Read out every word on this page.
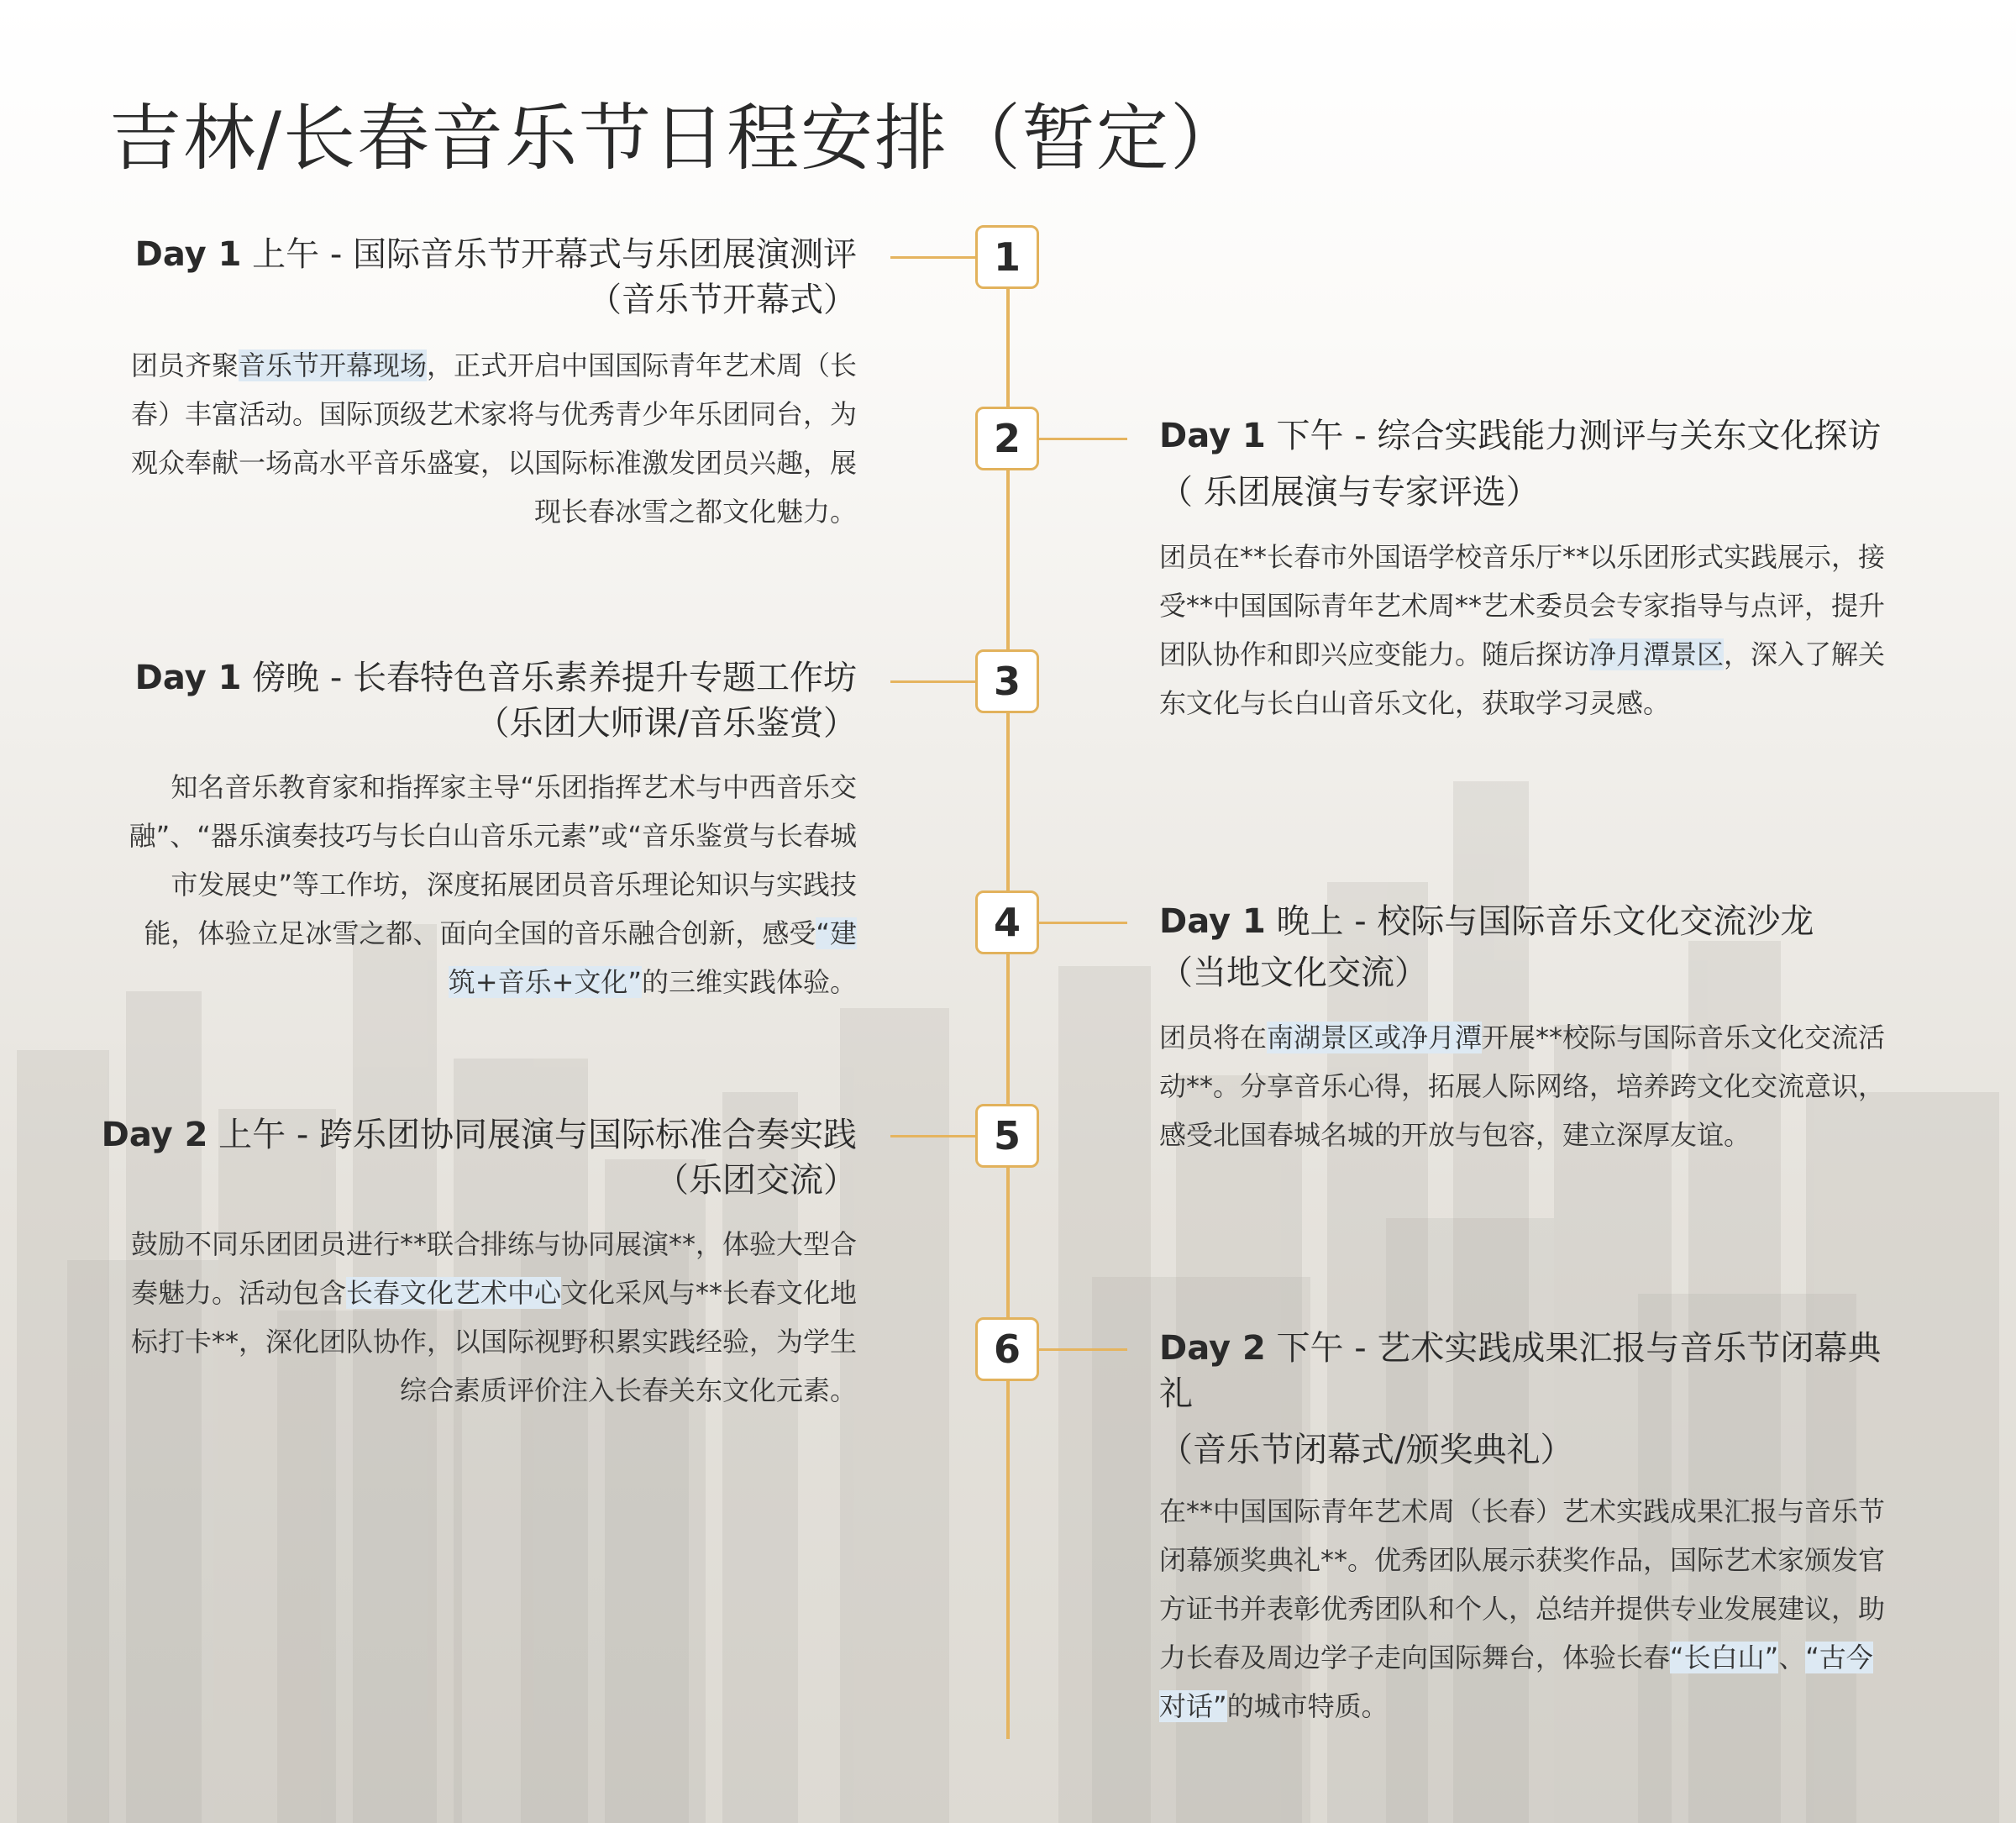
吉林/长春音乐节日程安排（暂定）
1
2
3
4
5
6
Day 1 上午 - 国际音乐节开幕式与乐团展演测评（音乐节开幕式）
团员齐聚音乐节开幕现场，正式开启中国国际青年艺术周（长春）丰富活动。国际顶级艺术家将与优秀青少年乐团同台，为观众奉献一场高水平音乐盛宴，以国际标准激发团员兴趣，展现长春冰雪之都文化魅力。
Day 1 下午 - 综合实践能力测评与关东文化探访
（ 乐团展演与专家评选）
团员在**长春市外国语学校音乐厅**以乐团形式实践展示，接受**中国国际青年艺术周**艺术委员会专家指导与点评，提升团队协作和即兴应变能力。随后探访净月潭景区，深入了解关东文化与长白山音乐文化，获取学习灵感。
Day 1 傍晚 - 长春特色音乐素养提升专题工作坊（乐团大师课/音乐鉴赏）
知名音乐教育家和指挥家主导“乐团指挥艺术与中西音乐交融”、“器乐演奏技巧与长白山音乐元素”或“音乐鉴赏与长春城市发展史”等工作坊，深度拓展团员音乐理论知识与实践技能，体验立足冰雪之都、面向全国的音乐融合创新，感受“建筑+音乐+文化”的三维实践体验。
Day 1 晚上 - 校际与国际音乐文化交流沙龙
（当地文化交流）
团员将在南湖景区或净月潭开展**校际与国际音乐文化交流活动**。分享音乐心得，拓展人际网络，培养跨文化交流意识，感受北国春城名城的开放与包容，建立深厚友谊。
Day 2 上午 - 跨乐团协同展演与国际标准合奏实践（乐团交流）
鼓励不同乐团团员进行**联合排练与协同展演**，体验大型合奏魅力。活动包含长春文化艺术中心文化采风与**长春文化地标打卡**，深化团队协作，以国际视野积累实践经验，为学生综合素质评价注入长春关东文化元素。
Day 2 下午 - 艺术实践成果汇报与音乐节闭幕典礼
（音乐节闭幕式/颁奖典礼）
在**中国国际青年艺术周（长春）艺术实践成果汇报与音乐节闭幕颁奖典礼**。优秀团队展示获奖作品，国际艺术家颁发官方证书并表彰优秀团队和个人，总结并提供专业发展建议，助力长春及周边学子走向国际舞台，体验长春“长白山”、“古今对话”的城市特质。
